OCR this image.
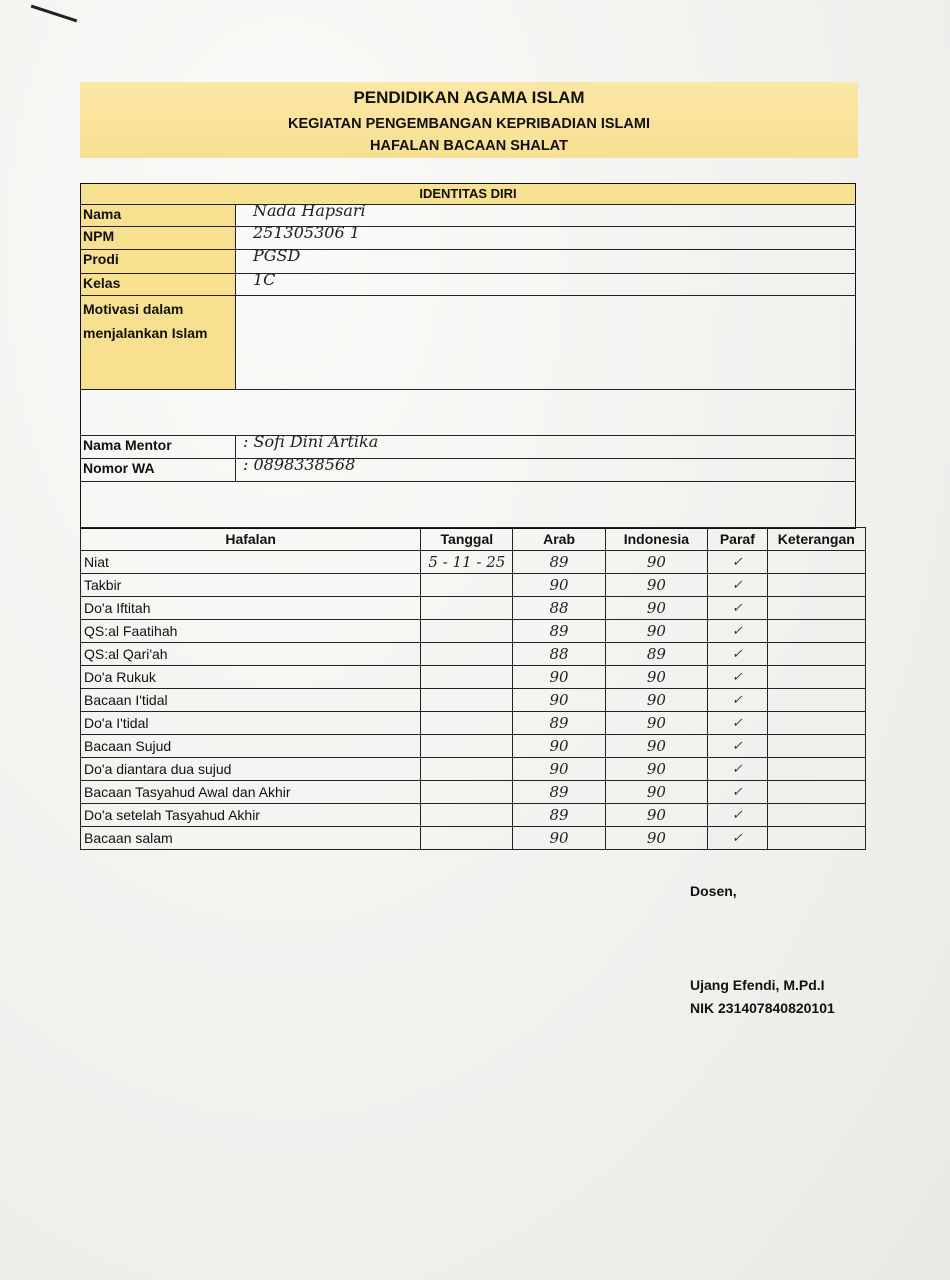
PENDIDIKAN AGAMA ISLAM
KEGIATAN PENGEMBANGAN KEPRIBADIAN ISLAMI
HAFALAN BACAAN SHALAT
IDENTITAS DIRI
Nama	Nada Hapsari
NPM	251305306 1
Prodi	PGSD
Kelas	1C
Motivasi dalam
menjalankan Islam
Nama Mentor	: Sofi Dini Artika
Nomor WA	: 0898338568
Hafalan	Tanggal	Arab	Indonesia	Paraf	Keterangan
Niat	5 - 11 - 25	89	90	✓	
Takbir		90	90	✓	
Do'a Iftitah		88	90	✓	
QS:al Faatihah		89	90	✓	
QS:al Qari'ah		88	89	✓	
Do'a Rukuk		90	90	✓	
Bacaan I'tidal		90	90	✓	
Do'a I'tidal		89	90	✓	
Bacaan Sujud		90	90	✓	
Do'a diantara dua sujud		90	90	✓	
Bacaan Tasyahud Awal dan Akhir		89	90	✓	
Do'a setelah Tasyahud Akhir		89	90	✓	
Bacaan salam		90	90	✓	
Dosen,
Ujang Efendi, M.Pd.I
NIK 231407840820101
